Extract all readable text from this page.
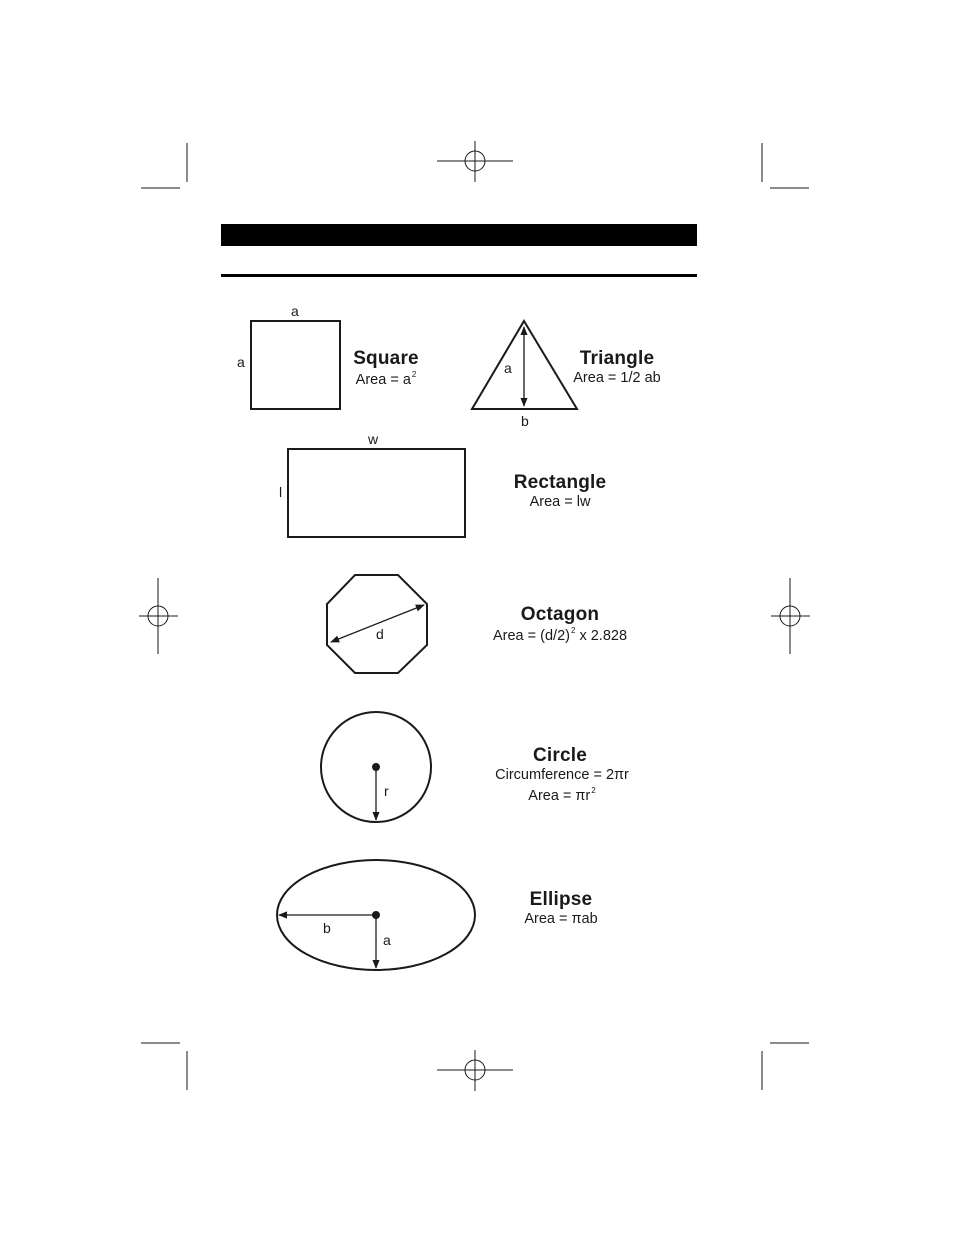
a
a	Square
Area = $a^2$	a
b
Triangle
Area = 1/2 ab
w
l	Rectangle
Area = lw
d
Octagon
Area = $(d/2)^2$ x 2.828
r
Circle
Circumference = 2πr
Area = $\pi r^2$
b
a
Ellipse
Area = πab
